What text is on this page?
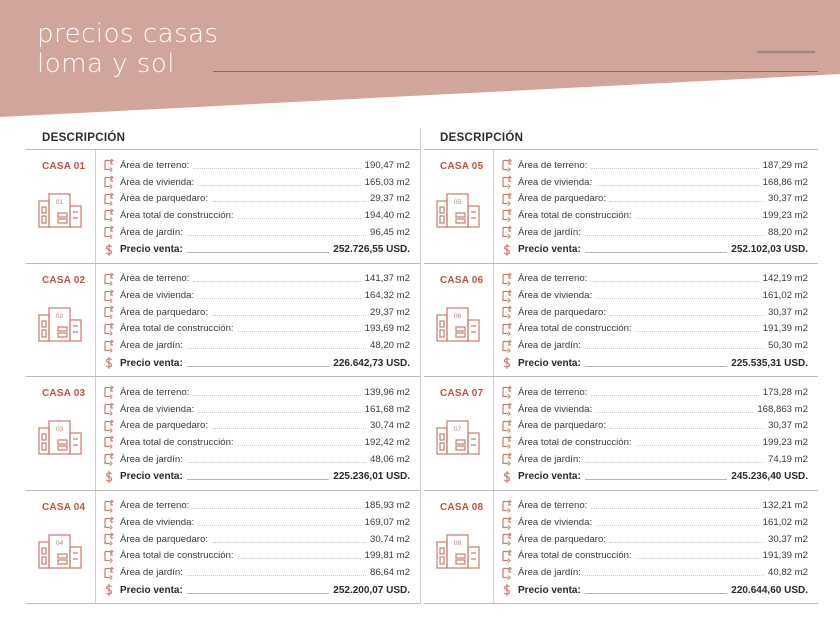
precios casas
loma y sol
DESCRIPCIÓN
CASA 01
01
Área de terreno:	190,47 m2
Área de vivienda:	165,03 m2
Área de parquedaro:	29,37 m2
Área total de construcción:	194,40 m2
Área de jardín:	96,45 m2
Precio venta:	252.726,55 USD.
CASA 02
02
Área de terreno:	141,37 m2
Área de vivienda:	164,32 m2
Área de parquedaro:	29,37 m2
Área total de construcción:	193,69 m2
Área de jardín:	48,20 m2
Precio venta:	226.642,73 USD.
CASA 03
03
Área de terreno:	139,96 m2
Área de vivienda:	161,68 m2
Área de parquedaro:	30,74 m2
Área total de construcción:	192,42 m2
Área de jardín:	48,06 m2
Precio venta:	225.236,01 USD.
CASA 04
04
Área de terreno:	185,93 m2
Área de vivienda:	169,07 m2
Área de parquedaro:	30,74 m2
Área total de construcción:	199,81 m2
Área de jardín:	86,64 m2
Precio venta:	252.200,07 USD.
DESCRIPCIÓN
CASA 05
05
Área de terreno:	187,29 m2
Área de vivienda:	168,86 m2
Área de parquedaro:	30,37 m2
Área total de construcción:	199,23 m2
Área de jardín:	88,20 m2
Precio venta:	252.102,03 USD.
CASA 06
06
Área de terreno:	142,19 m2
Área de vivienda:	161,02 m2
Área de parquedaro:	30,37 m2
Área total de construcción:	191,39 m2
Área de jardín:	50,30 m2
Precio venta:	225.535,31 USD.
CASA 07
07
Área de terreno:	173,28 m2
Área de vivienda:	168,863 m2
Área de parquedaro:	30,37 m2
Área total de construcción:	199,23 m2
Área de jardín:	74,19 m2
Precio venta:	245.236,40 USD.
CASA 08
08
Área de terreno:	132,21 m2
Área de vivienda:	161,02 m2
Área de parquedaro:	30,37 m2
Área total de construcción:	191,39 m2
Área de jardín:	40,82 m2
Precio venta:	220.644,60 USD.
